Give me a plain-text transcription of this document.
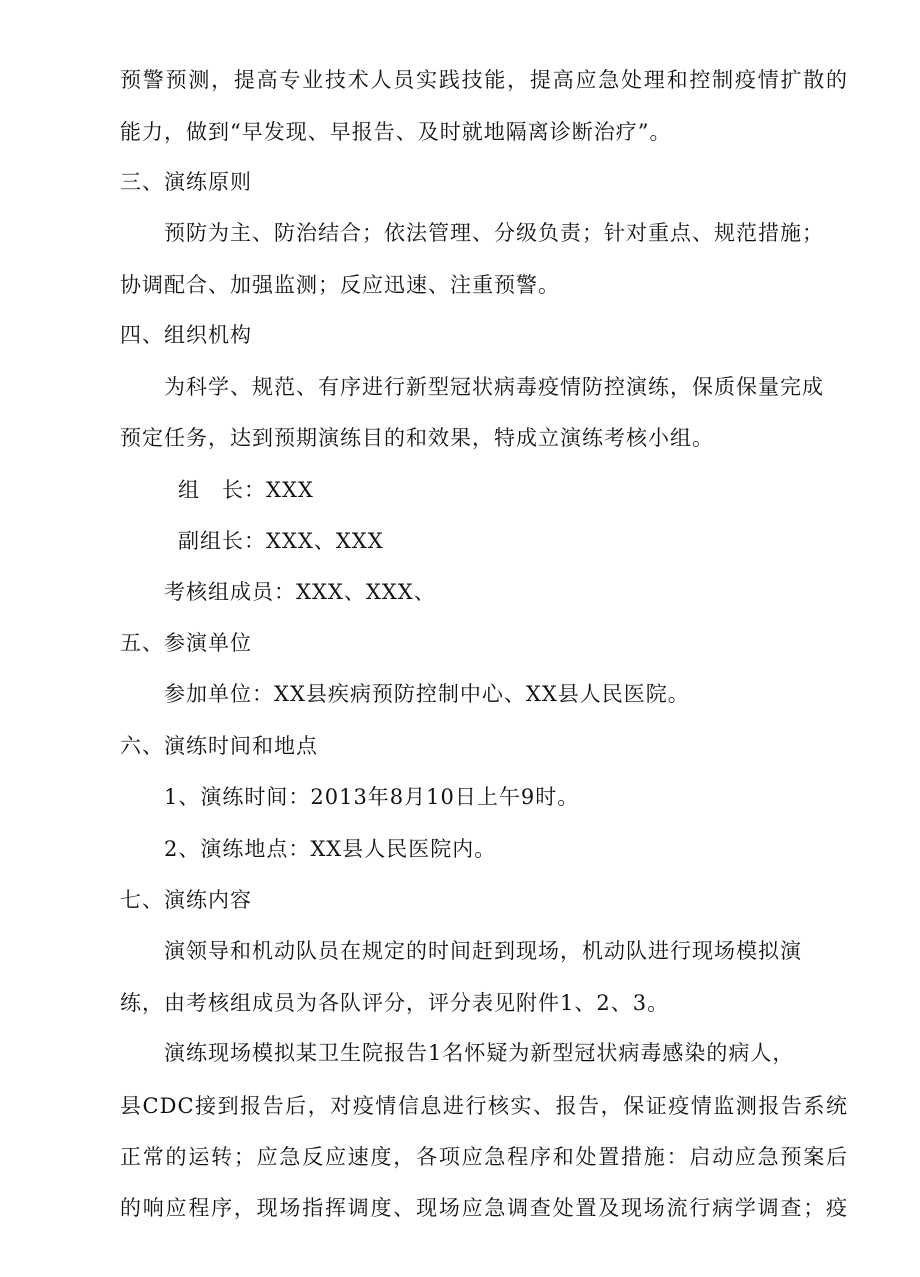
预警预测，提高专业技术人员实践技能，提高应急处理和控制疫情扩散的
能力，做到“早发现、早报告、及时就地隔离诊断治疗”。
三、演练原则
预防为主、防治结合；依法管理、分级负责；针对重点、规范措施；
协调配合、加强监测；反应迅速、注重预警。
四、组织机构
为科学、规范、有序进行新型冠状病毒疫情防控演练，保质保量完成
预定任务，达到预期演练目的和效果，特成立演练考核小组。
组　长：XXX
副组长：XXX、XXX
考核组成员：XXX、XXX、
五、参演单位
参加单位：XX县疾病预防控制中心、XX县人民医院。
六、演练时间和地点
1、演练时间：2013年8月10日上午9时。
2、演练地点：XX县人民医院内。
七、演练内容
演领导和机动队员在规定的时间赶到现场，机动队进行现场模拟演
练，由考核组成员为各队评分，评分表见附件1、2、3。
演练现场模拟某卫生院报告1名怀疑为新型冠状病毒感染的病人，
县CDC接到报告后，对疫情信息进行核实、报告，保证疫情监测报告系统
正常的运转；应急反应速度，各项应急程序和处置措施：启动应急预案后
的响应程序，现场指挥调度、现场应急调查处置及现场流行病学调查；疫
